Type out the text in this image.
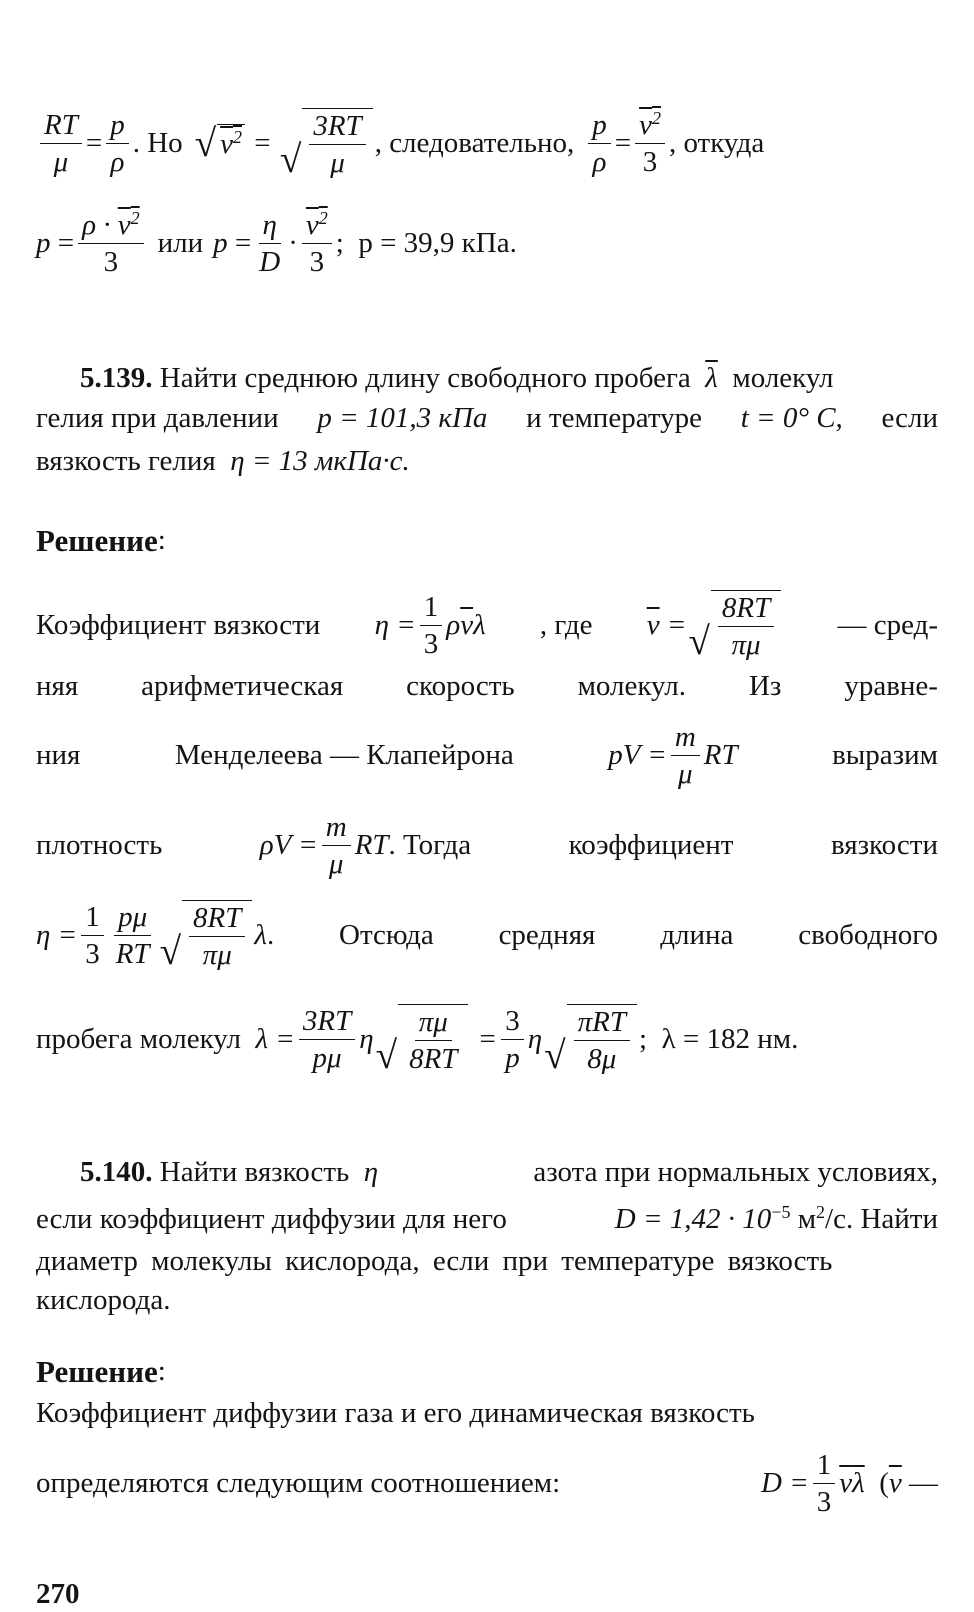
$\frac{RT}{\mu} = \frac{p}{\rho}$ . Но √ $v^2$ = √ $\frac{3RT}{\mu}$ , следовательно, $\frac{p}{\rho} = \frac{v^2}{3}$ , откуда
$p = \frac{\rho \cdot v^2}{3}$ или $p = \frac{\eta}{D} \cdot \frac{v^2}{3}$ ; p = 39,9 кПа.
5.139.
Найти среднюю длину свободного пробега $\overline{\lambda}$ молекул
гелия при давлении p = 101,3 кПа и температуре t = 0° С, если
вязкость гелия
η = 13 мкПа·с.
Решение :
Коэффициент вязкости $\eta = \frac{1}{3}$ ρ $\overline{v}$ λ , где $\overline{v}$ = √ $\frac{8RT}{\pi\mu}$ — сред-
няя арифметическая скорость молекул. Из уравне-
ния	Менделеева — Клапейрона	pV = $\frac{m}{\mu}$ RT	выразим
плотность	$\rho V = \frac{m}{\mu}$ RT . Тогда	коэффициент	вязкости
$\eta = \frac{1}{3} \frac{p\mu}{RT}$ √ $\frac{8RT}{\pi\mu}$ λ . Отсюда средняя длина свободного
пробега молекул
$\lambda = \frac{3RT}{p\mu}$ η √ $\frac{\pi\mu}{8RT} = \frac{3}{p}$ η √ $\frac{\text{πRT}}{8\mu}$ ; λ = 182 нм.
5.140. Найти вязкость η	азота при нормальных условиях,
если коэффициент диффузии для него	$D = 1,42 \cdot 10^{-5}$ $м^2/с$. Найти
диаметр молекулы кислорода, если при температуре вязкость
кислорода.
Решение :
Коэффициент диффузии газа и его динамическая вязкость
определяются следующим соотношением:	$D = \frac{1}{3} \overline{v}$ $\overline{\lambda}$
( $\overline{v}$
—
270
